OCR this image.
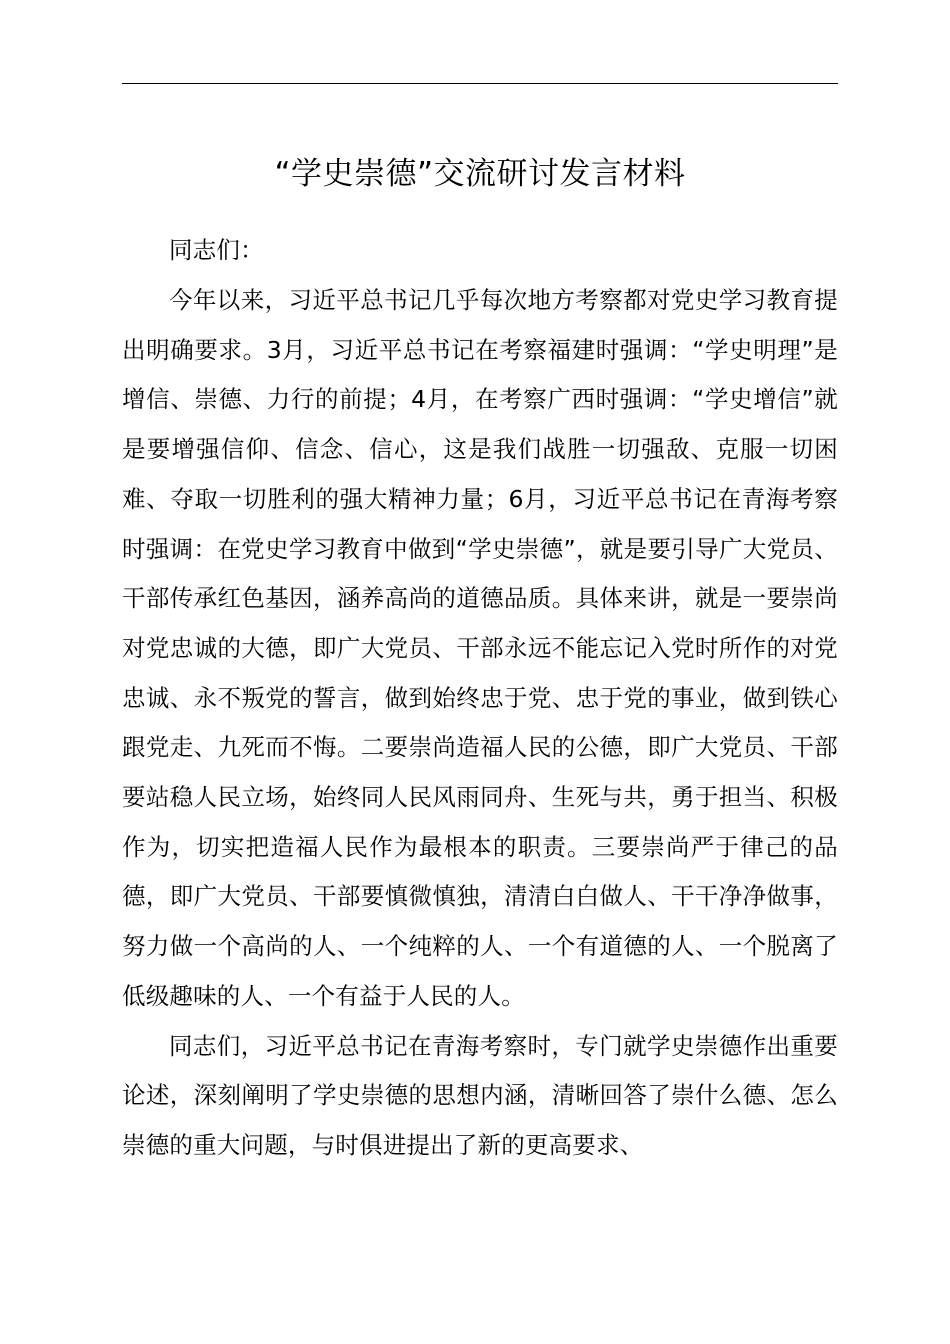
“学史崇德”交流研讨发言材料

同志们：

今年以来，习近平总书记几乎每次地方考察都对党史学习教育提出明确要求。3月，习近平总书记在考察福建时强调：“学史明理”是增信、崇德、力行的前提；4月，在考察广西时强调：“学史增信”就是要增强信仰、信念、信心，这是我们战胜一切强敌、克服一切困难、夺取一切胜利的强大精神力量；6月，习近平总书记在青海考察时强调：在党史学习教育中做到“学史崇德”，就是要引导广大党员、干部传承红色基因，涵养高尚的道德品质。具体来讲，就是一要崇尚对党忠诚的大德，即广大党员、干部永远不能忘记入党时所作的对党忠诚、永不叛党的誓言，做到始终忠于党、忠于党的事业，做到铁心跟党走、九死而不悔。二要崇尚造福人民的公德，即广大党员、干部要站稳人民立场，始终同人民风雨同舟、生死与共，勇于担当、积极作为，切实把造福人民作为最根本的职责。三要崇尚严于律己的品德，即广大党员、干部要慎微慎独，清清白白做人、干干净净做事，努力做一个高尚的人、一个纯粹的人、一个有道德的人、一个脱离了低级趣味的人、一个有益于人民的人。

同志们，习近平总书记在青海考察时，专门就学史崇德作出重要论述，深刻阐明了学史崇德的思想内涵，清晰回答了崇什么德、怎么崇德的重大问题，与时俱进提出了新的更高要求、
